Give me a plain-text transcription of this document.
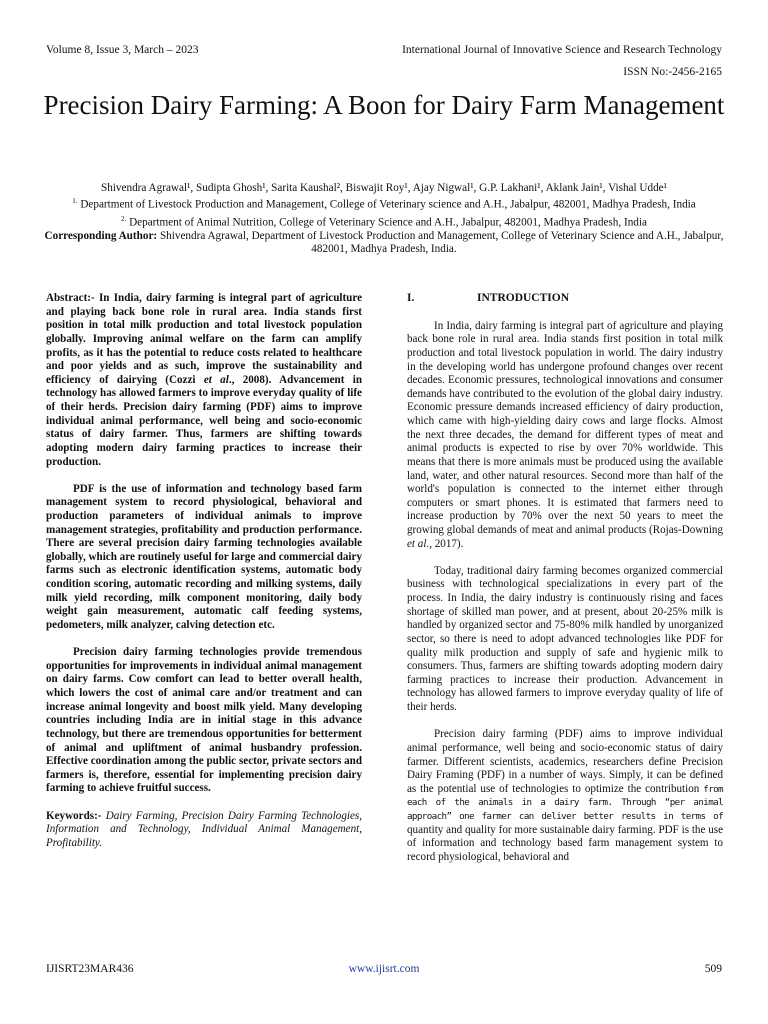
Volume 8, Issue 3, March – 2023	International Journal of Innovative Science and Research Technology
ISSN No:-2456-2165
Precision Dairy Farming: A Boon for Dairy Farm Management

Shivendra Agrawal¹, Sudipta Ghosh¹, Sarita Kaushal², Biswajit Roy¹, Ajay Nigwal¹, G.P. Lakhani¹, Aklank Jain¹, Vishal Udde¹

$^{1.}$ Department of Livestock Production and Management, College of Veterinary science and A.H., Jabalpur, 482001, Madhya Pradesh, India

$^{2.}$ Department of Animal Nutrition, College of Veterinary Science and A.H., Jabalpur, 482001, Madhya Pradesh, India

Corresponding Author: Shivendra Agrawal, Department of Livestock Production and Management, College of Veterinary Science and A.H., Jabalpur, 482001, Madhya Pradesh, India.

Abstract:- In India, dairy farming is integral part of agriculture and playing back bone role in rural area. India stands first position in total milk production and total livestock population globally. Improving animal welfare on the farm can amplify profits, as it has the potential to reduce costs related to healthcare and poor yields and as such, improve the sustainability and efficiency of dairying (Cozzi et al., 2008). Advancement in technology has allowed farmers to improve everyday quality of life of their herds. Precision dairy farming (PDF) aims to improve individual animal performance, well being and socio-economic status of dairy farmer. Thus, farmers are shifting towards adopting modern dairy farming practices to increase their production.

PDF is the use of information and technology based farm management system to record physiological, behavioral and production parameters of individual animals to improve management strategies, profitability and production performance. There are several precision dairy farming technologies available globally, which are routinely useful for large and commercial dairy farms such as electronic identification systems, automatic body condition scoring, automatic recording and milking systems, daily milk yield recording, milk component monitoring, daily body weight gain measurement, automatic calf feeding systems, pedometers, milk analyzer, calving detection etc.

Precision dairy farming technologies provide tremendous opportunities for improvements in individual animal management on dairy farms. Cow comfort can lead to better overall health, which lowers the cost of animal care and/or treatment and can increase animal longevity and boost milk yield. Many developing countries including India are in initial stage in this advance technology, but there are tremendous opportunities for betterment of animal and upliftment of animal husbandry profession. Effective coordination among the public sector, private sectors and farmers is, therefore, essential for implementing precision dairy farming to achieve fruitful success.

Keywords:- Dairy Farming, Precision Dairy Farming Technologies, Information and Technology, Individual Animal Management, Profitability.

I.	INTRODUCTION

In India, dairy farming is integral part of agriculture and playing back bone role in rural area. India stands first position in total milk production and total livestock population in world. The dairy industry in the developing world has undergone profound changes over recent decades. Economic pressures, technological innovations and consumer demands have contributed to the evolution of the global dairy industry. Economic pressure demands increased efficiency of dairy production, which came with high-yielding dairy cows and large flocks. Almost the next three decades, the demand for different types of meat and animal products is expected to rise by over 70% worldwide. This means that there is more animals must be produced using the available land, water, and other natural resources. Second more than half of the world's population is connected to the internet either through computers or smart phones. It is estimated that farmers need to increase production by 70% over the next 50 years to meet the growing global demands of meat and animal products (Rojas-Downing et al., 2017).

Today, traditional dairy farming becomes organized commercial business with technological specializations in every part of the process. In India, the dairy industry is continuously rising and faces shortage of skilled man power, and at present, about 20-25% milk is handled by organized sector and 75-80% milk handled by unorganized sector, so there is need to adopt advanced technologies like PDF for quality milk production and supply of safe and hygienic milk to consumers. Thus, farmers are shifting towards adopting modern dairy farming practices to increase their production. Advancement in technology has allowed farmers to improve everyday quality of life of their herds.

Precision dairy farming (PDF) aims to improve individual animal performance, well being and socio-economic status of dairy farmer. Different scientists, academics, researchers define Precision Dairy Framing (PDF) in a number of ways. Simply, it can be defined as the potential use of technologies to optimize the contribution from each of the animals in a dairy farm. Through “per animal approach” one farmer can deliver better results in terms of quantity and quality for more sustainable dairy farming. PDF is the use of information and technology based farm management system to record physiological, behavioral and

IJISRT23MAR436	www.ijisrt.com	509
